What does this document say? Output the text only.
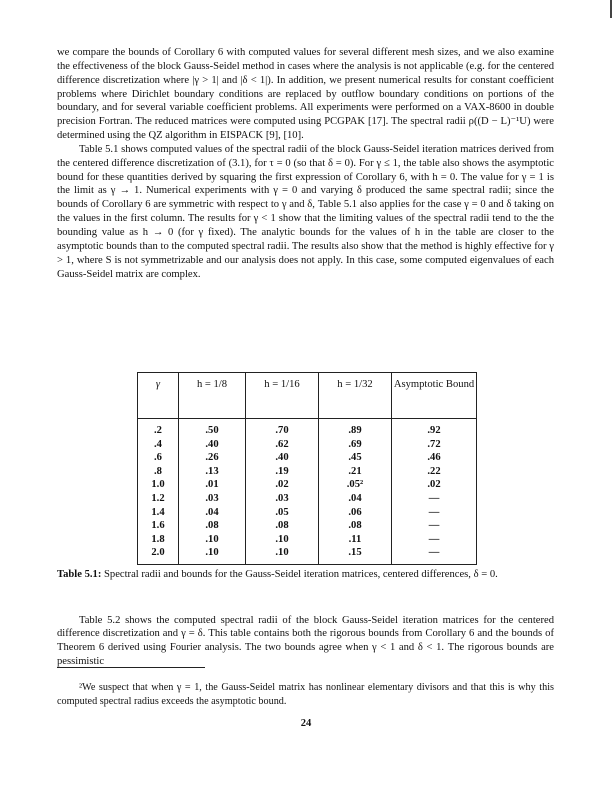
we compare the bounds of Corollary 6 with computed values for several different mesh sizes, and we also examine the effectiveness of the block Gauss-Seidel method in cases where the analysis is not applicable (e.g. for the centered difference discretization where |γ > 1| and |δ < 1|). In addition, we present numerical results for constant coefficient problems where Dirichlet boundary conditions are replaced by outflow boundary conditions on portions of the boundary, and for several variable coefficient problems. All experiments were performed on a VAX-8600 in double precision Fortran. The reduced matrices were computed using PCGPAK [17]. The spectral radii ρ((D − L)⁻¹U) were determined using the QZ algorithm in EISPACK [9], [10].

Table 5.1 shows computed values of the spectral radii of the block Gauss-Seidel iteration matrices derived from the centered difference discretization of (3.1), for τ = 0 (so that δ = 0). For γ ≤ 1, the table also shows the asymptotic bound for these quantities derived by squaring the first expression of Corollary 6, with h = 0. The value for γ = 1 is the limit as γ → 1. Numerical experiments with γ = 0 and varying δ produced the same spectral radii; since the bounds of Corollary 6 are symmetric with respect to γ and δ, Table 5.1 also applies for the case γ = 0 and δ taking on the values in the first column. The results for γ < 1 show that the limiting values of the spectral radii tend to the the bounding value as h → 0 (for γ fixed). The analytic bounds for the values of h in the table are closer to the asymptotic bounds than to the computed spectral radii. The results also show that the method is highly effective for γ > 1, where S is not symmetrizable and our analysis does not apply. In this case, some computed eigenvalues of each Gauss-Seidel matrix are complex.

γ	h = 1/8	h = 1/16	h = 1/32	Asymptotic Bound
.2	.50	.70	.89	.92
.4	.40	.62	.69	.72
.6	.26	.40	.45	.46
.8	.13	.19	.21	.22
1.0	.01	.02	.05²	.02
1.2	.03	.03	.04	—
1.4	.04	.05	.06	—
1.6	.08	.08	.08	—
1.8	.10	.10	.11	—
2.0	.10	.10	.15	—
Table 5.1: Spectral radii and bounds for the Gauss-Seidel iteration matrices, centered differences, δ = 0.

Table 5.2 shows the computed spectral radii of the block Gauss-Seidel iteration matrices for the centered difference discretization and γ = δ. This table contains both the rigorous bounds from Corollary 6 and the bounds of Theorem 6 derived using Fourier analysis. The two bounds agree when γ < 1 and δ < 1. The rigorous bounds are pessimistic

²We suspect that when γ = 1, the Gauss-Seidel matrix has nonlinear elementary divisors and that this is why this computed spectral radius exceeds the asymptotic bound.

24
